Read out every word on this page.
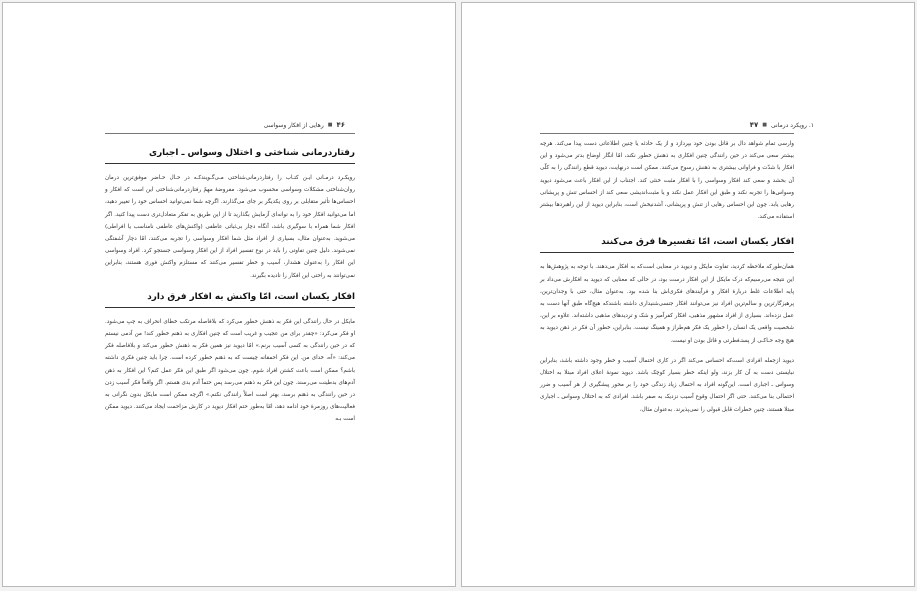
۴۶
■
رهایی از افکار وسواسی
رفتاردرمانی شناختی و اختلال وسواس ـ اجباری

رویکـرد درمـانی ایـن کتـاب را رفتاردرمانی‌شناختی مـی‌گـویندکـه در حـال حـاضر موفق‌ترین درمان روان‌شناختی مشکلات وسواسی محسوب می‌شود. مفروضهٔ مهمّ رفتاردرمانی‌شناختی این است که افکار و احساس‌ها تأثیر متقابلی بر روی یکدیگر بر جای می‌گذارند. اگرچه شما نمی‌توانید احساس خود را تغییر دهید، اما می‌توانید افکار خود را به نوانه‌ای آزمایش بگذارید تا از این طریق به تفکر متعادل‌تری دست پیدا کنید. اگر افکار شما همراه با سوگیری باشد، آنگاه دچار بی‌ثباتی عاطفی (واکنش‌های عاطفی نامناسب یا افراطی) می‌شوید. به‌عنوان مثال، بسیاری از افراد مثل شما افکار وسواسی را تجربه می‌کنند، امّا دچار آشفتگی نمی‌شوند. دلیل چنین تفاوتی را باید در نوع تفسیر افراد از این افکار وسواسی جستجو کرد. افراد وسواسی این افکار را به‌عنوان هشدار، آسیب و خطر تفسیر می‌کنند که مستلزم واکنش فوری هستند، بنابراین نمی‌توانند به راحتی این افکار را نادیده بگیرند.

افکار یکسان است، امّا واکنش به افکار فرق دارد

مایکل در حال رانندگی این فکر به ذهنش خطور می‌کرد که بلافاصله مرتکب خطای انحراف به چپ می‌شود. او فکر می‌کرد: «چقدر برای من عجیب و غریب است که چنین افکاری به ذهنم خطور کند! من آدمی نیستم که در حین رانندگی به کسی آسیب برنم.» امّا دیوید نیز همین فکر به ذهنش خطور می‌کند و بلافاصله فکر می‌کند: «آه، خدای من. این فکر احمقانه چیست که به ذهنم خطور کرده است. چرا باید چنین فکری داشته باشم؟ ممکن است باعث کشتن افراد شوم. چون می‌شود اگر طبق این فکر عمل کنم؟ این افکار به ذهن آدم‌های بدطینت می‌رسند. چون این فکر به ذهنم می‌رسد پس حتماً آدم بدی هستم. اگر واقعاً فکر آسیب زدن در حین رانندگی به ذهنم برسد، بهتر است اصلاً رانندگی نکنم.» اگرچه ممکن است مایکل بدون نگرانی به فعالیت‌های روزمرهٔ خود ادامه دهد، امّا به‌طور حتم افکار دیوید در کارش مزاحمت ایجاد می‌کنند. دیوید ممکن است بـه

۱. رویکرد درمانی
■
۴۷

وارسی تمام شواهد دال بر قاتل بودن خود بپردازد و از یک حادثه یا چنین اطلاعاتی دست پیدا می‌کند. هرچه بیشتر سعی می‌کند در حین رانندگی چنین افکاری به ذهنش خطور نکند، امّا انگار اوضاع بدتر می‌شود و این افکار با شدّت و فراوانی بیشتری به ذهنش رسوخ می‌کنند. ممکن است درنهایت، دیوید قطع رانندگی را به کلّی آن بحشد و سعی کند افکار وسواسی را با افکار مثبت خنثی کند. اجتناب از این افکار باعث می‌شود دیوید وسواس‌ها را تجربه نکند و طبق این افکار عمل نکند و یا مثبت‌اندیشی سعی کند از احساس تنش و پریشانی رهایی یابد. چون این احساس رهایی از تنش و پریشانی، آشدنیخش است، بنابراین دیوید از این راهبردها بیشتر استفاده می‌کند.

افکار یکسان است، امّا تفسیرها فرق می‌کنند

همان‌طورکه ملاحظه کردید، تفاوت مایکل و دیوید در معنایی است‌که به افکار می‌دهند. با توجه به پژوهش‌ها به این نتیجه می‌رسیم‌که درک مایکل از این افکار درست بود، در حالی که معنایی که دیوید به افکارش می‌داد بر پایه اطلاعات غلط دربارهٔ افکار و فرآیندهای فکری‌اش بنا شده بود. به‌عنوان مثال، حتی با وجدان‌ترین، پرهیزگارترین و سالم‌ترین افراد نیز می‌توانند افکار جنسی‌شنیداری داشته باشندکه هیچ‌گاه طبق آنها دست به عمل نزده‌اند. بسیاری از افراد مشهور مذهبی، افکار کفرآمیز و شک و تردیدهای مذهبی داشته‌اند. علاوه بر این، شخصیت واقعی یک انسان را خطور یک فکر هم‌طراز و همینگ نیست. بنابراین، خطور آن فکر در ذهن دیوید به هیچ وجه حـاکـی از پستـ‌فطرتی و قاتل بودن او نیست.

دیوید ازجمله افرادی است‌که احساس می‌کند اگر در کاری احتمال آسیب و خطر وجود داشته باشد، بنابراین نبایستی دست به آن کار بزند، ولو اینکه خطر بسیار کوچک باشد. دیوید نمونهٔ اعلای افراد مبتلا به اختلال وسواس ـ اجباری است. این‌گونه افراد به احتمال زیاد زندگی خود را بر محور پیشگیری از هر آسیب و ضرر احتمالی بنا می‌کنند. حتی اگر احتمال وقوع آسیب نزدیک به صفر باشد. افرادی که به اختلال وسواس ـ اجباری مبتلا هستند، چنین خطرات قابل قبولی را نمی‌پذیرند. به‌عنوان مثال،
